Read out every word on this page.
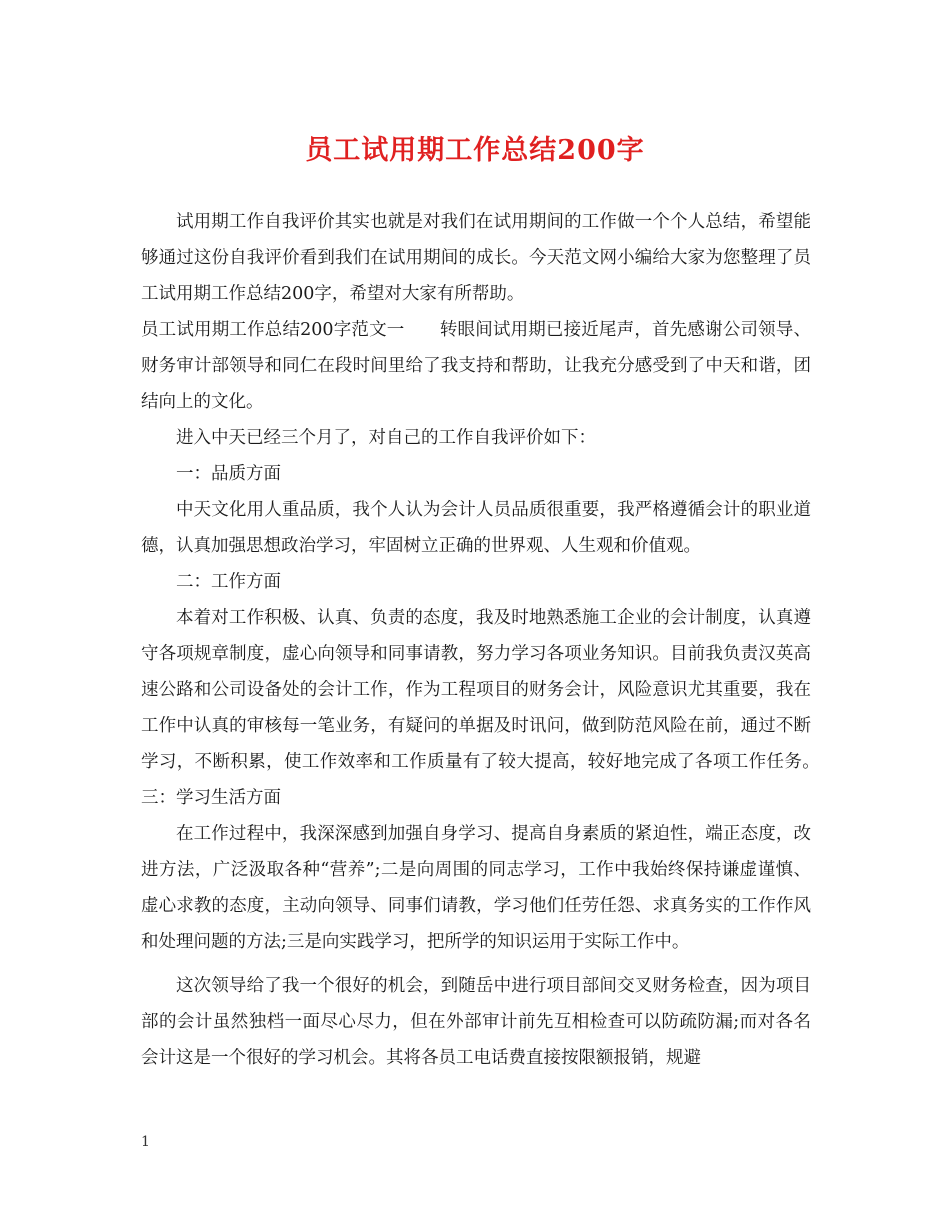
员工试用期工作总结200字

试用期工作自我评价其实也就是对我们在试用期间的工作做一个个人总结，希望能够通过这份自我评价看到我们在试用期间的成长。今天范文网小编给大家为您整理了员工试用期工作总结200字，希望对大家有所帮助。

员工试用期工作总结200字范文一　　转眼间试用期已接近尾声，首先感谢公司领导、财务审计部领导和同仁在段时间里给了我支持和帮助，让我充分感受到了中天和谐，团结向上的文化。

进入中天已经三个月了，对自己的工作自我评价如下：

一：品质方面

中天文化用人重品质，我个人认为会计人员品质很重要，我严格遵循会计的职业道德，认真加强思想政治学习，牢固树立正确的世界观、人生观和价值观。

二：工作方面

本着对工作积极、认真、负责的态度，我及时地熟悉施工企业的会计制度，认真遵守各项规章制度，虚心向领导和同事请教，努力学习各项业务知识。目前我负责汉英高速公路和公司设备处的会计工作，作为工程项目的财务会计，风险意识尤其重要，我在工作中认真的审核每一笔业务，有疑问的单据及时讯问，做到防范风险在前，通过不断学习，不断积累，使工作效率和工作质量有了较大提高，较好地完成了各项工作任务。　三：学习生活方面

在工作过程中，我深深感到加强自身学习、提高自身素质的紧迫性，端正态度，改进方法，广泛汲取各种“营养”;二是向周围的同志学习，工作中我始终保持谦虚谨慎、虚心求教的态度，主动向领导、同事们请教，学习他们任劳任怨、求真务实的工作作风和处理问题的方法;三是向实践学习，把所学的知识运用于实际工作中。

这次领导给了我一个很好的机会，到随岳中进行项目部间交叉财务检查，因为项目部的会计虽然独档一面尽心尽力，但在外部审计前先互相检查可以防疏防漏;而对各名会计这是一个很好的学习机会。其将各员工电话费直接按限额报销，规避

1
